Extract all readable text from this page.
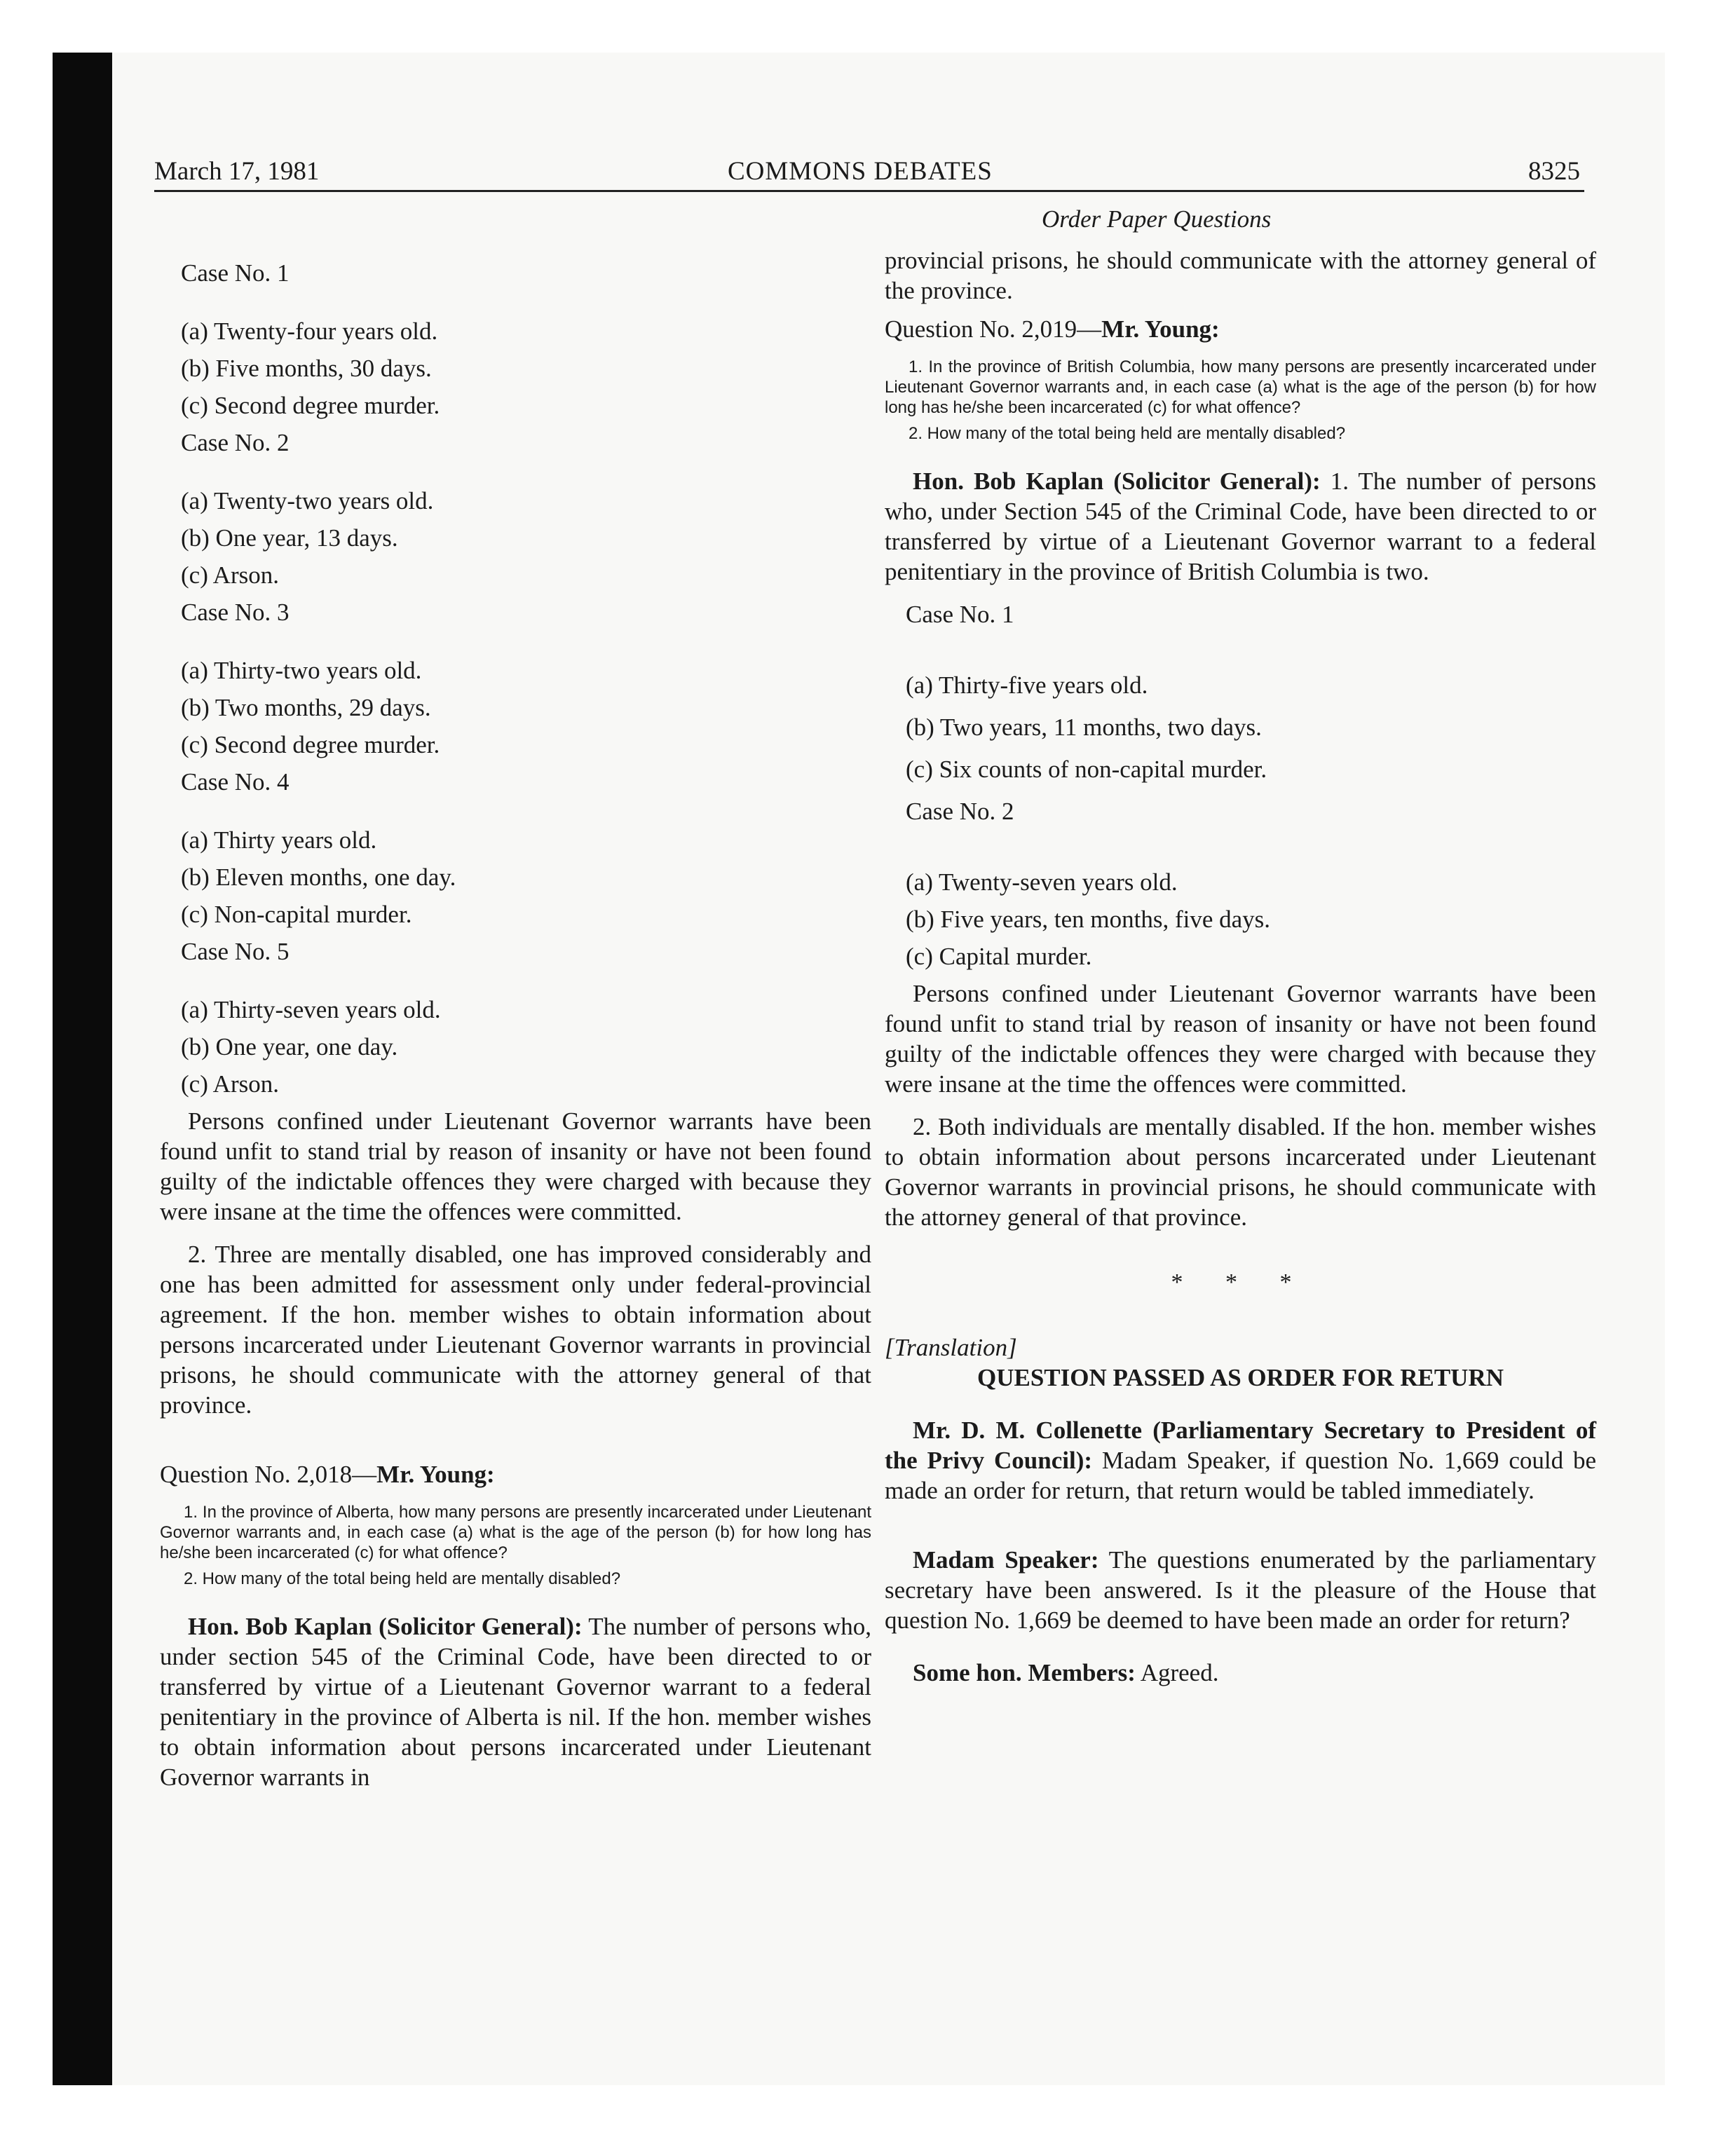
March 17, 1981	COMMONS DEBATES	8325
Order Paper Questions
Case No. 1
(a) Twenty-four years old.
(b) Five months, 30 days.
(c) Second degree murder.
Case No. 2
(a) Twenty-two years old.
(b) One year, 13 days.
(c) Arson.
Case No. 3
(a) Thirty-two years old.
(b) Two months, 29 days.
(c) Second degree murder.
Case No. 4
(a) Thirty years old.
(b) Eleven months, one day.
(c) Non-capital murder.
Case No. 5
(a) Thirty-seven years old.
(b) One year, one day.
(c) Arson.

Persons confined under Lieutenant Governor warrants have been found unfit to stand trial by reason of insanity or have not been found guilty of the indictable offences they were charged with because they were insane at the time the offences were committed.

2. Three are mentally disabled, one has improved considerably and one has been admitted for assessment only under federal-provincial agreement. If the hon. member wishes to obtain information about persons incarcerated under Lieutenant Governor warrants in provincial prisons, he should communicate with the attorney general of that province.

Question No. 2,018—Mr. Young:

1. In the province of Alberta, how many persons are presently incarcerated under Lieutenant Governor warrants and, in each case (a) what is the age of the person (b) for how long has he/she been incarcerated (c) for what offence?

2. How many of the total being held are mentally disabled?

Hon. Bob Kaplan (Solicitor General): The number of persons who, under section 545 of the Criminal Code, have been directed to or transferred by virtue of a Lieutenant Governor warrant to a federal penitentiary in the province of Alberta is nil. If the hon. member wishes to obtain information about persons incarcerated under Lieutenant Governor warrants in

provincial prisons, he should communicate with the attorney general of the province.

Question No. 2,019—Mr. Young:

1. In the province of British Columbia, how many persons are presently incarcerated under Lieutenant Governor warrants and, in each case (a) what is the age of the person (b) for how long has he/she been incarcerated (c) for what offence?

2. How many of the total being held are mentally disabled?

Hon. Bob Kaplan (Solicitor General): 1. The number of persons who, under Section 545 of the Criminal Code, have been directed to or transferred by virtue of a Lieutenant Governor warrant to a federal penitentiary in the province of British Columbia is two.

Case No. 1
(a) Thirty-five years old.
(b) Two years, 11 months, two days.
(c) Six counts of non-capital murder.
Case No. 2
(a) Twenty-seven years old.
(b) Five years, ten months, five days.
(c) Capital murder.

Persons confined under Lieutenant Governor warrants have been found unfit to stand trial by reason of insanity or have not been found guilty of the indictable offences they were charged with because they were insane at the time the offences were committed.

2. Both individuals are mentally disabled. If the hon. member wishes to obtain information about persons incarcerated under Lieutenant Governor warrants in provincial prisons, he should communicate with the attorney general of that province.

* * *

[Translation]

QUESTION PASSED AS ORDER FOR RETURN

Mr. D. M. Collenette (Parliamentary Secretary to President of the Privy Council): Madam Speaker, if question No. 1,669 could be made an order for return, that return would be tabled immediately.

Madam Speaker: The questions enumerated by the parliamentary secretary have been answered. Is it the pleasure of the House that question No. 1,669 be deemed to have been made an order for return?

Some hon. Members: Agreed.
